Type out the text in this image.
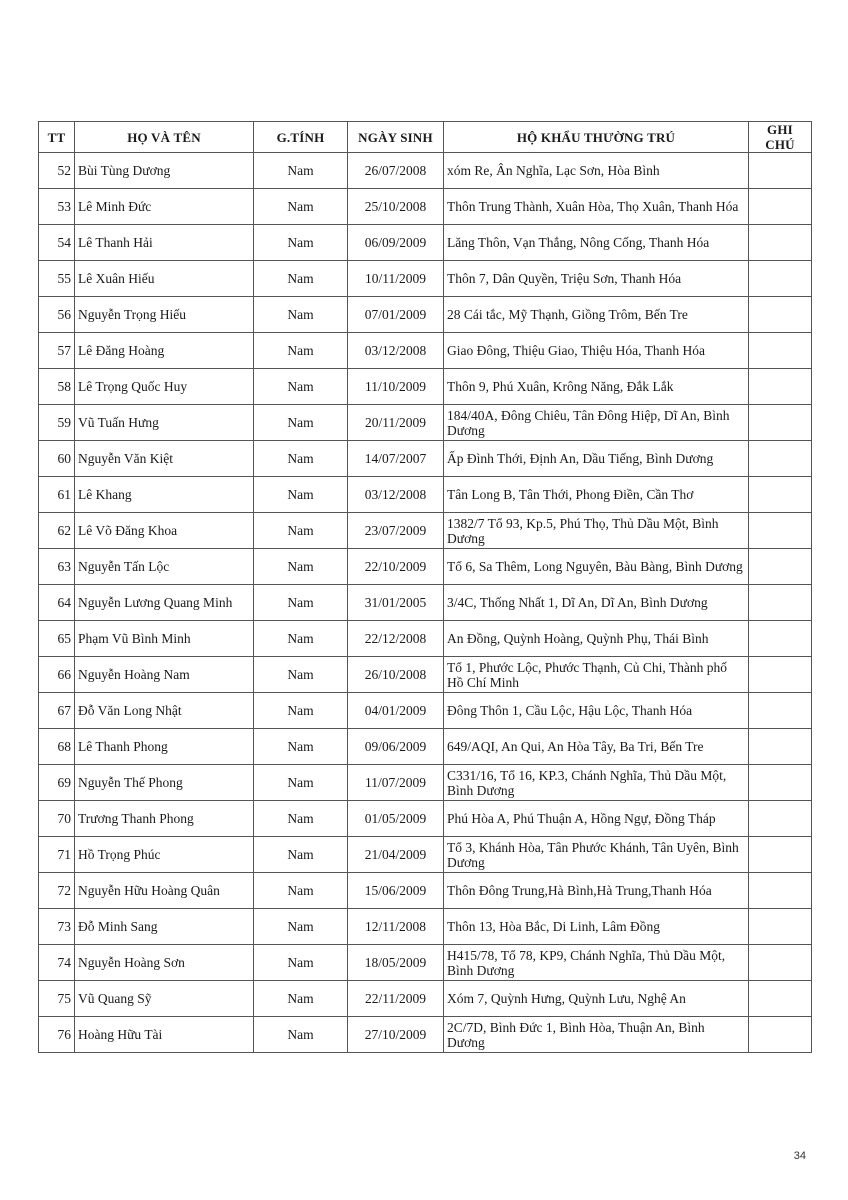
TT	HỌ VÀ TÊN	G.TÍNH	NGÀY SINH	HỘ KHẨU THƯỜNG TRÚ	GHI CHÚ
52	Bùi Tùng Dương	Nam	26/07/2008	xóm Re, Ân Nghĩa, Lạc Sơn, Hòa Bình	
53	Lê Minh Đức	Nam	25/10/2008	Thôn Trung Thành, Xuân Hòa, Thọ Xuân, Thanh Hóa	
54	Lê Thanh Hải	Nam	06/09/2009	Lăng Thôn, Vạn Thắng, Nông Cống, Thanh Hóa	
55	Lê Xuân Hiếu	Nam	10/11/2009	Thôn 7, Dân Quyền, Triệu Sơn, Thanh Hóa	
56	Nguyễn Trọng Hiếu	Nam	07/01/2009	28 Cái tắc, Mỹ Thạnh, Giồng Trôm, Bến Tre	
57	Lê Đăng Hoàng	Nam	03/12/2008	Giao Đông, Thiệu Giao, Thiệu Hóa, Thanh Hóa	
58	Lê Trọng Quốc Huy	Nam	11/10/2009	Thôn 9, Phú Xuân, Krông Năng, Đắk Lắk	
59	Vũ Tuấn Hưng	Nam	20/11/2009	184/40A, Đông Chiêu, Tân Đông Hiệp, Dĩ An, Bình Dương	
60	Nguyễn Văn Kiệt	Nam	14/07/2007	Ấp Đình Thới, Định An, Dầu Tiếng, Bình Dương	
61	Lê Khang	Nam	03/12/2008	Tân Long B, Tân Thới, Phong Điền, Cần Thơ	
62	Lê Võ Đăng Khoa	Nam	23/07/2009	1382/7 Tổ 93, Kp.5, Phú Thọ, Thủ Dầu Một, Bình Dương	
63	Nguyễn Tấn Lộc	Nam	22/10/2009	Tổ 6, Sa Thêm, Long Nguyên, Bàu Bàng, Bình Dương	
64	Nguyễn Lương Quang Minh	Nam	31/01/2005	3/4C, Thống Nhất 1, Dĩ An, Dĩ An, Bình Dương	
65	Phạm Vũ Bình Minh	Nam	22/12/2008	An Đồng, Quỳnh Hoàng, Quỳnh Phụ, Thái Bình	
66	Nguyễn Hoàng Nam	Nam	26/10/2008	Tổ 1, Phước Lộc, Phước Thạnh, Củ Chi, Thành phố Hồ Chí Minh	
67	Đỗ Văn Long Nhật	Nam	04/01/2009	Đông Thôn 1, Cầu Lộc, Hậu Lộc, Thanh Hóa	
68	Lê Thanh Phong	Nam	09/06/2009	649/AQI, An Qui, An Hòa Tây, Ba Tri, Bến Tre	
69	Nguyễn Thế Phong	Nam	11/07/2009	C331/16, Tổ 16, KP.3, Chánh Nghĩa, Thủ Dầu Một, Bình Dương	
70	Trương Thanh Phong	Nam	01/05/2009	Phú Hòa A, Phú Thuận A, Hồng Ngự, Đồng Tháp	
71	Hồ Trọng Phúc	Nam	21/04/2009	Tổ 3, Khánh Hòa, Tân Phước Khánh, Tân Uyên, Bình Dương	
72	Nguyễn Hữu Hoàng Quân	Nam	15/06/2009	Thôn Đông Trung,Hà Bình,Hà Trung,Thanh Hóa	
73	Đỗ Minh Sang	Nam	12/11/2008	Thôn 13, Hòa Bắc, Di Linh, Lâm Đồng	
74	Nguyễn Hoàng Sơn	Nam	18/05/2009	H415/78, Tổ 78, KP9, Chánh Nghĩa, Thủ Dầu Một, Bình Dương	
75	Vũ Quang Sỹ	Nam	22/11/2009	Xóm 7, Quỳnh Hưng, Quỳnh Lưu, Nghệ An	
76	Hoàng Hữu Tài	Nam	27/10/2009	2C/7D, Bình Đức 1, Bình Hòa, Thuận An, Bình Dương	
34
